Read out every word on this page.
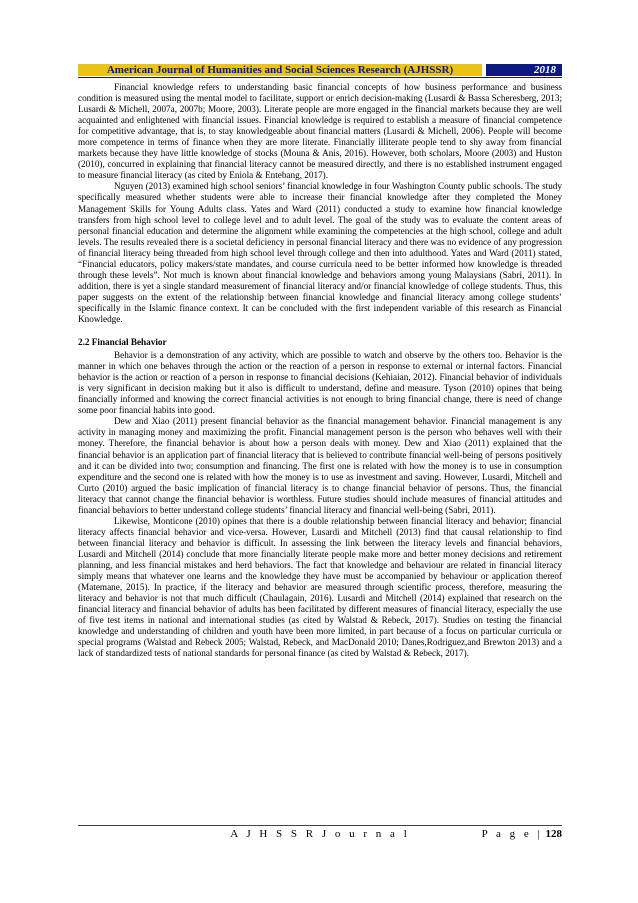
American Journal of Humanities and Social Sciences Research (AJHSSR)	2018

Financial knowledge refers to understanding basic financial concepts of how business performance and business condition is measured using the mental model to facilitate, support or enrich decision-making (Lusardi & Bassa Scheresberg, 2013; Lusardi & Michell, 2007a, 2007b; Moore, 2003). Literate people are more engaged in the financial markets because they are well acquainted and enlightened with financial issues. Financial knowledge is required to establish a measure of financial competence for competitive advantage, that is, to stay knowledgeable about financial matters (Lusardi & Michell, 2006). People will become more competence in terms of finance when they are more literate. Financially illiterate people tend to shy away from financial markets because they have little knowledge of stocks (Mouna & Anis, 2016). However, both scholars, Moore (2003) and Huston (2010), concurred in explaining that financial literacy cannot be measured directly, and there is no established instrument engaged to measure financial literacy (as cited by Eniola & Entebang, 2017).

Nguyen (2013) examined high school seniors’ financial knowledge in four Washington County public schools. The study specifically measured whether students were able to increase their financial knowledge after they completed the Money Management Skills for Young Adults class. Yates and Ward (2011) conducted a study to examine how financial knowledge transfers from high school level to college level and to adult level. The goal of the study was to evaluate the content areas of personal financial education and determine the alignment while examining the competencies at the high school, college and adult levels. The results revealed there is a societal deficiency in personal financial literacy and there was no evidence of any progression of financial literacy being threaded from high school level through college and then into adulthood. Yates and Ward (2011) stated, “Financial educators, policy makers/state mandates, and course curricula need to be better informed how knowledge is threaded through these levels”. Not much is known about financial knowledge and behaviors among young Malaysians (Sabri, 2011). In addition, there is yet a single standard measurement of financial literacy and/or financial knowledge of college students. Thus, this paper suggests on the extent of the relationship between financial knowledge and financial literacy among college students’ specifically in the Islamic finance context. It can be concluded with the first independent variable of this research as Financial Knowledge.

2.2 Financial Behavior

Behavior is a demonstration of any activity, which are possible to watch and observe by the others too. Behavior is the manner in which one behaves through the action or the reaction of a person in response to external or internal factors. Financial behavior is the action or reaction of a person in response to financial decisions (Kehiaian, 2012). Financial behavior of individuals is very significant in decision making but it also is difficult to understand, define and measure. Tyson (2010) opines that being financially informed and knowing the correct financial activities is not enough to bring financial change, there is need of change some poor financial habits into good.

Dew and Xiao (2011) present financial behavior as the financial management behavior. Financial management is any activity in managing money and maximizing the profit. Financial management person is the person who behaves well with their money. Therefore, the financial behavior is about how a person deals with money. Dew and Xiao (2011) explained that the financial behavior is an application part of financial literacy that is believed to contribute financial well-being of persons positively and it can be divided into two; consumption and financing. The first one is related with how the money is to use in consumption expenditure and the second one is related with how the money is to use as investment and saving. However, Lusardi, Mitchell and Curto (2010) argued the basic implication of financial literacy is to change financial behavior of persons. Thus, the financial literacy that cannot change the financial behavior is worthless. Future studies should include measures of financial attitudes and financial behaviors to better understand college students’ financial literacy and financial well-being (Sabri, 2011).

Likewise, Monticone (2010) opines that there is a double relationship between financial literacy and behavior; financial literacy affects financial behavior and vice-versa. However, Lusardi and Mitchell (2013) find that causal relationship to find between financial literacy and behavior is difficult. In assessing the link between the literacy levels and financial behaviors, Lusardi and Mitchell (2014) conclude that more financially literate people make more and better money decisions and retirement planning, and less financial mistakes and herd behaviors. The fact that knowledge and behaviour are related in financial literacy simply means that whatever one learns and the knowledge they have must be accompanied by behaviour or application thereof (Matemane, 2015). In practice, if the literacy and behavior are measured through scientific process, therefore, measuring the literacy and behavior is not that much difficult (Chaulagain, 2016). Lusardi and Mitchell (2014) explained that research on the financial literacy and financial behavior of adults has been facilitated by different measures of financial literacy, especially the use of five test items in national and international studies (as cited by Walstad & Rebeck, 2017). Studies on testing the financial knowledge and understanding of children and youth have been more limited, in part because of a focus on particular curricula or special programs (Walstad and Rebeck 2005; Walstad, Rebeck, and MacDonald 2010; Danes,Rodriguez,and Brewton 2013) and a lack of standardized tests of national standards for personal finance (as cited by Walstad & Rebeck, 2017).

A J H S S R J o u r n a l	P a g e | 128
